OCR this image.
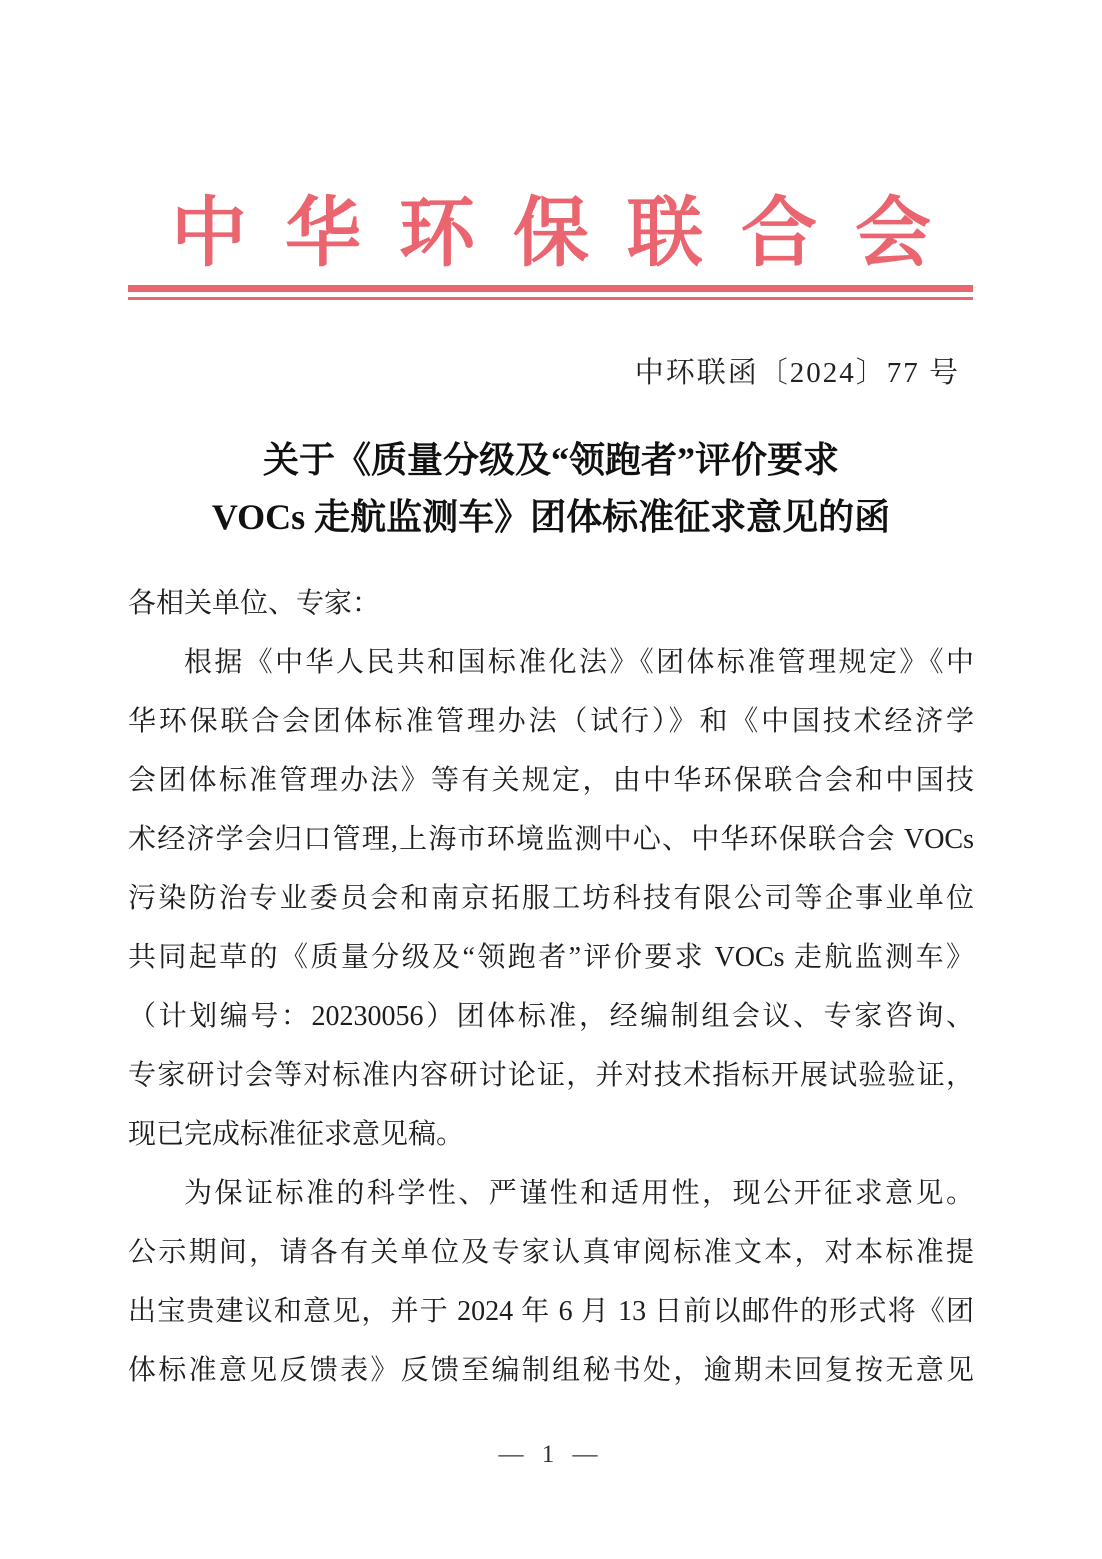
中华环保联合会
中环联函〔2024〕77 号
关于《质量分级及“领跑者”评价要求
VOCs 走航监测车》团体标准征求意见的函
各相关单位、专家：
根据《中华人民共和国标准化法》《团体标准管理规定》《中
华环保联合会团体标准管理办法（试行）》和《中国技术经济学
会团体标准管理办法》等有关规定，由中华环保联合会和中国技
术经济学会归口管理,上海市环境监测中心、中华环保联合会 VOCs
污染防治专业委员会和南京拓服工坊科技有限公司等企事业单位
共同起草的《质量分级及“领跑者”评价要求 VOCs 走航监测车》
（计划编号：20230056）团体标准，经编制组会议、专家咨询、
专家研讨会等对标准内容研讨论证，并对技术指标开展试验验证，
现已完成标准征求意见稿。
为保证标准的科学性、严谨性和适用性，现公开征求意见。
公示期间，请各有关单位及专家认真审阅标准文本，对本标准提
出宝贵建议和意见，并于 2024 年 6 月 13 日前以邮件的形式将《团
体标准意见反馈表》反馈至编制组秘书处，逾期未回复按无意见
— 1 —
